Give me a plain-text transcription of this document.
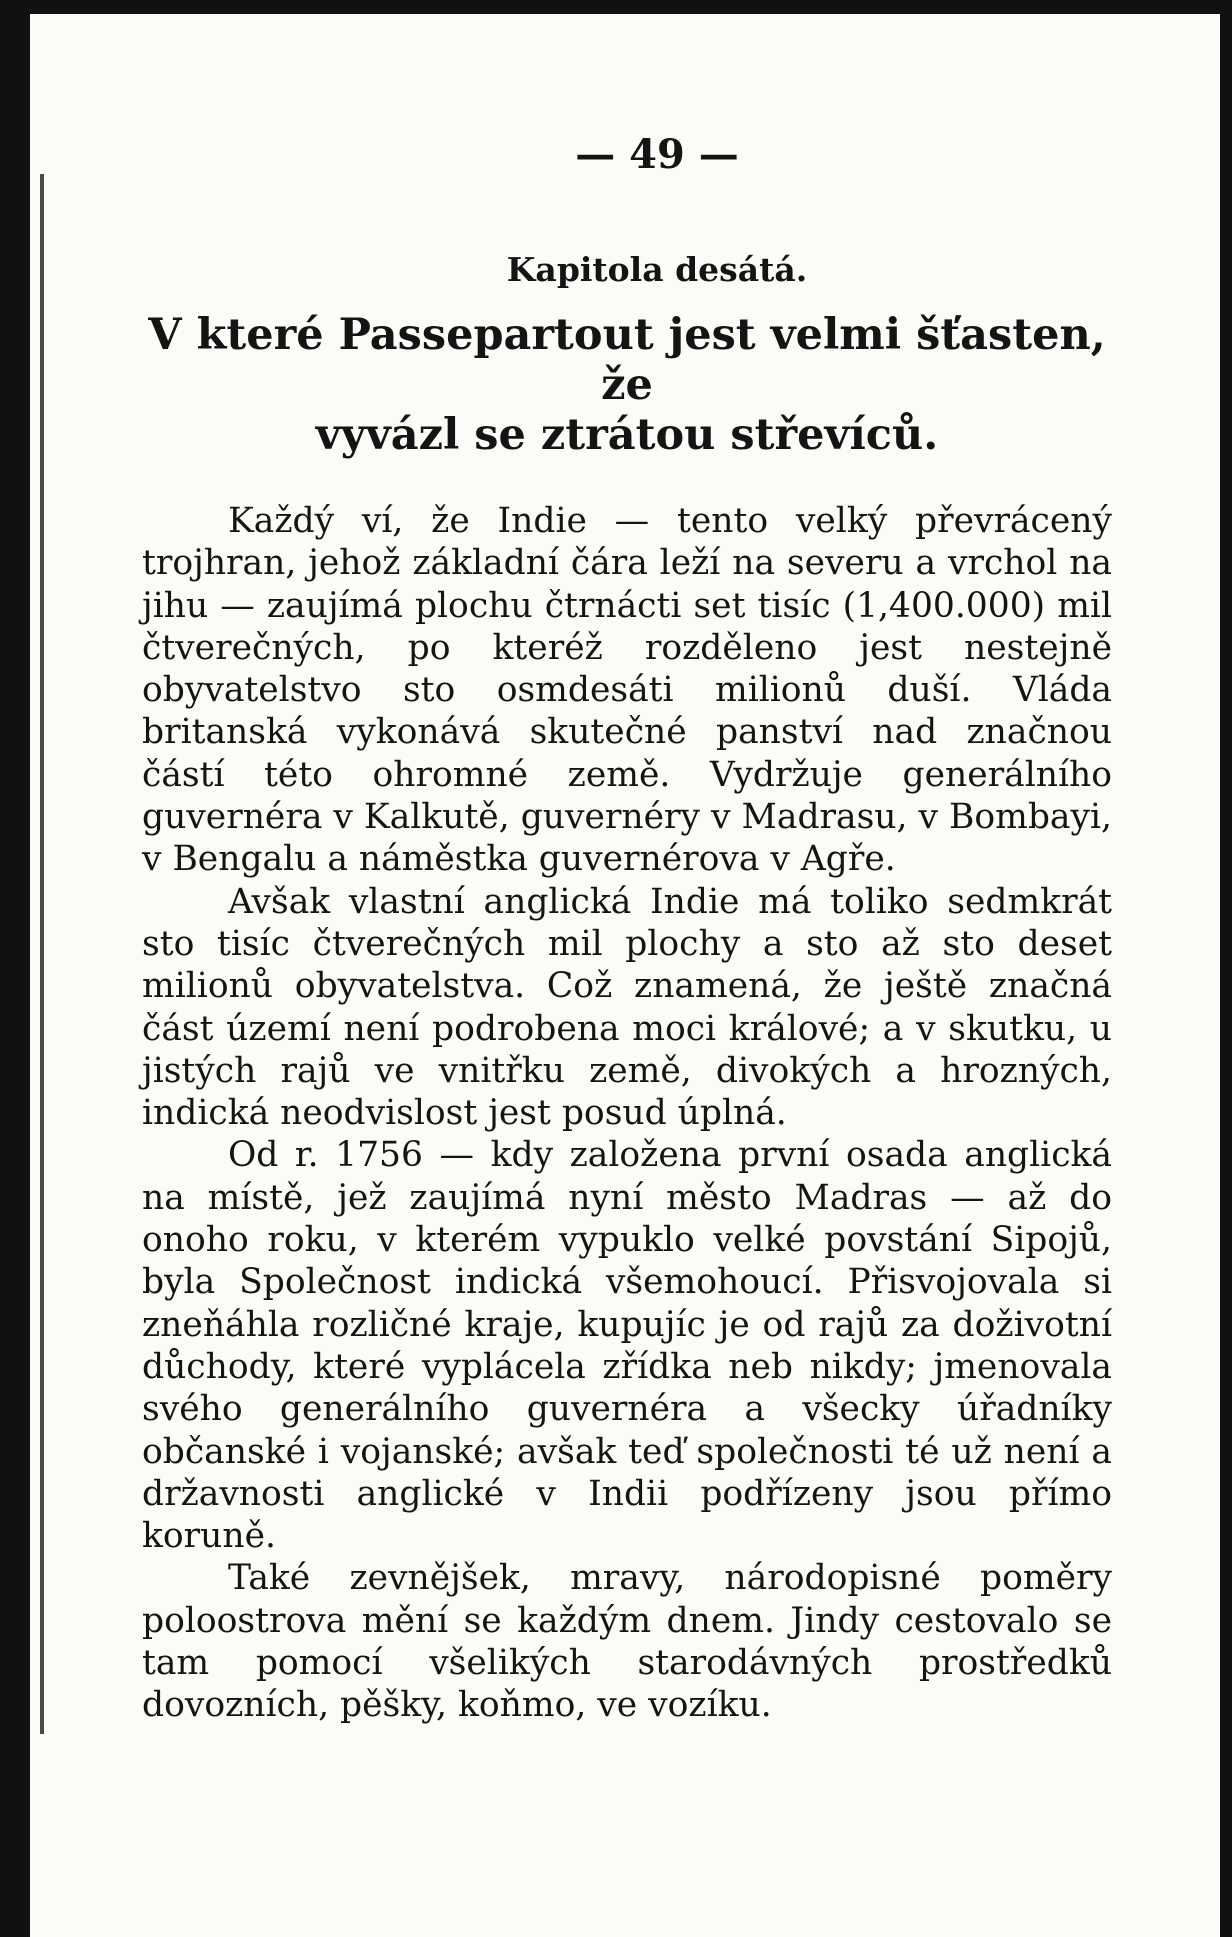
— 49 —
Kapitola desátá.
V které Passepartout jest velmi šťasten, že
vyvázl se ztrátou střevíců.

Každý ví, že Indie — tento velký převrácený trojhran, jehož základní čára leží na severu a vrchol na jihu — zaujímá plochu čtrnácti set tisíc (1,400.000) mil čtverečných, po kteréž rozděleno jest nestejně obyvatelstvo sto osmdesáti milionů duší. Vláda britanská vykonává skutečné panství nad značnou částí této ohromné země. Vydržuje generálního guvernéra v Kalkutě, guvernéry v Madrasu, v Bombayi, v Bengalu a náměstka guvernérova v Agře.

Avšak vlastní anglická Indie má toliko sedmkrát sto tisíc čtverečných mil plochy a sto až sto deset milionů obyvatelstva. Což znamená, že ještě značná část území není podrobena moci králové; a v skutku, u jistých rajů ve vnitřku země, divokých a hrozných, indická neodvislost jest posud úplná.

Od r. 1756 — kdy založena první osada anglická na místě, jež zaujímá nyní město Madras — až do onoho roku, v kterém vypuklo velké povstání Sipojů, byla Společnost indická všemohoucí. Přisvojovala si zneňáhla rozličné kraje, kupujíc je od rajů za doživotní důchody, které vyplácela zřídka neb nikdy; jmenovala svého generálního guvernéra a všecky úřadníky občanské i vojanské; avšak teď společnosti té už není a državnosti anglické v Indii podřízeny jsou přímo koruně.

Také zevnějšek, mravy, národopisné poměry poloostrova mění se každým dnem. Jindy cestovalo se tam pomocí všelikých starodávných prostředků dovozních, pěšky, koňmo, ve vozíku.
